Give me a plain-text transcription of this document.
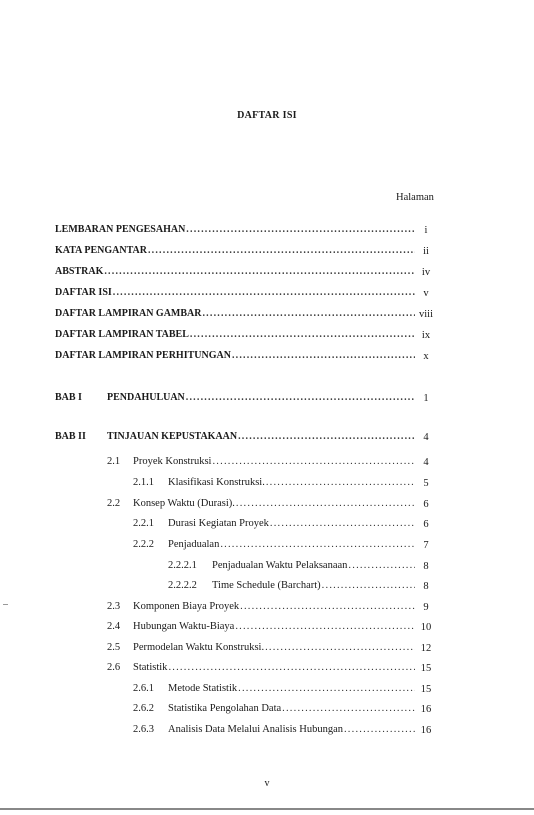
DAFTAR ISI
Halaman
LEMBARAN PENGESAHAN .....	i
KATA PENGANTAR .....	ii
ABSTRAK .....	iv
DAFTAR ISI .....	v
DAFTAR LAMPIRAN GAMBAR .....	viii
DAFTAR LAMPIRAN TABEL .....	ix
DAFTAR LAMPIRAN PERHITUNGAN .....	x
BAB I	PENDAHULUAN .....	1
BAB II	TINJAUAN KEPUSTAKAAN .....	4
2.1	Proyek Konstruksi .....	4
2.1.1	Klasifikasi Konstruksi. .....	5
2.2	Konsep Waktu (Durasi). .....	6
2.2.1	Durasi Kegiatan Proyek .....	6
2.2.2	Penjadualan .....	7
2.2.2.1	Penjadualan Waktu Pelaksanaan .....	8
2.2.2.2	Time Schedule (Barchart) .....	8
2.3	Komponen Biaya Proyek .....	9
2.4	Hubungan Waktu-Biaya .....	10
2.5	Permodelan Waktu Konstruksi. .....	12
2.6	Statistik .....	15
2.6.1	Metode Statistik .....	15
2.6.2	Statistika Pengolahan Data .....	16
2.6.3	Analisis Data Melalui Analisis Hubungan .....	16
v
